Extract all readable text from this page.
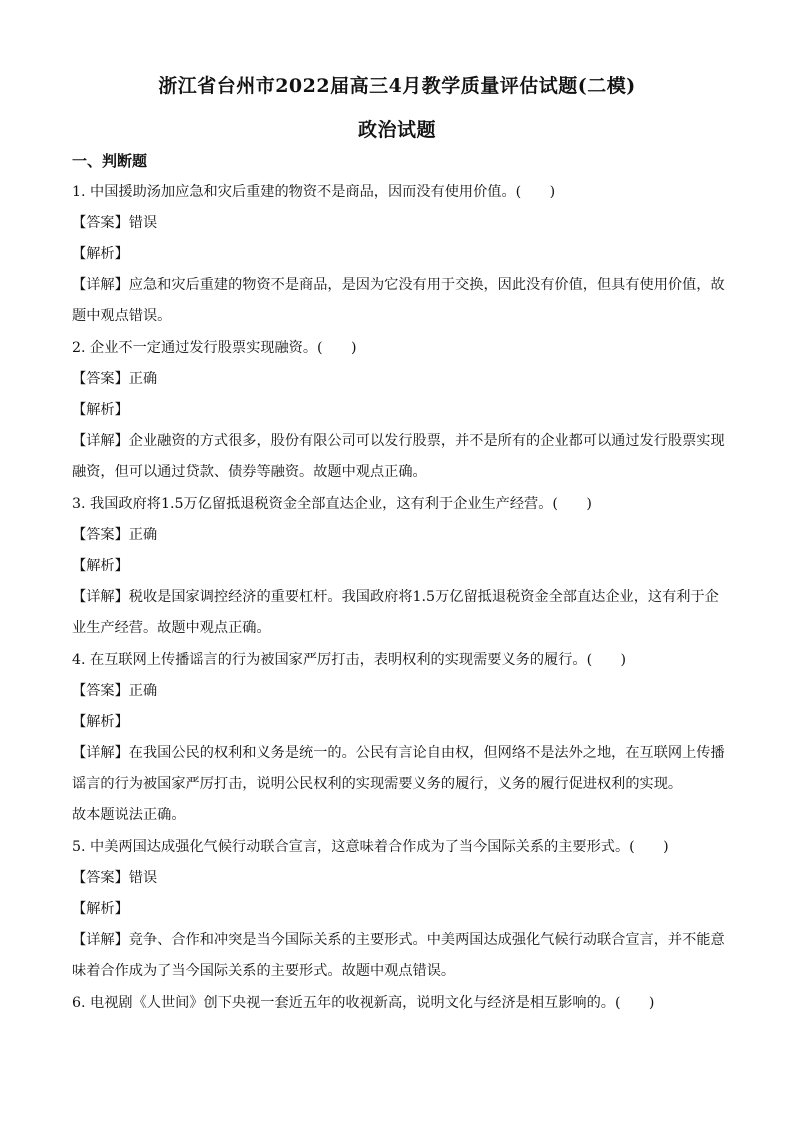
浙江省台州市2022届高三4月教学质量评估试题(二模)
政治试题
一、判断题
1. 中国援助汤加应急和灾后重建的物资不是商品，因而没有使用价值。(　　)
【答案】错误
【解析】
【详解】应急和灾后重建的物资不是商品，是因为它没有用于交换，因此没有价值，但具有使用价值，故
题中观点错误。
2. 企业不一定通过发行股票实现融资。(　　)
【答案】正确
【解析】
【详解】企业融资的方式很多，股份有限公司可以发行股票，并不是所有的企业都可以通过发行股票实现
融资，但可以通过贷款、债券等融资。故题中观点正确。
3. 我国政府将1.5万亿留抵退税资金全部直达企业，这有利于企业生产经营。(　　)
【答案】正确
【解析】
【详解】税收是国家调控经济的重要杠杆。我国政府将1.5万亿留抵退税资金全部直达企业，这有利于企
业生产经营。故题中观点正确。
4. 在互联网上传播谣言的行为被国家严厉打击，表明权利的实现需要义务的履行。(　　)
【答案】正确
【解析】
【详解】在我国公民的权利和义务是统一的。公民有言论自由权，但网络不是法外之地，在互联网上传播
谣言的行为被国家严厉打击，说明公民权利的实现需要义务的履行，义务的履行促进权利的实现。
故本题说法正确。
5. 中美两国达成强化气候行动联合宣言，这意味着合作成为了当今国际关系的主要形式。(　　)
【答案】错误
【解析】
【详解】竞争、合作和冲突是当今国际关系的主要形式。中美两国达成强化气候行动联合宣言，并不能意
味着合作成为了当今国际关系的主要形式。故题中观点错误。
6. 电视剧《人世间》创下央视一套近五年的收视新高，说明文化与经济是相互影响的。(　　)
